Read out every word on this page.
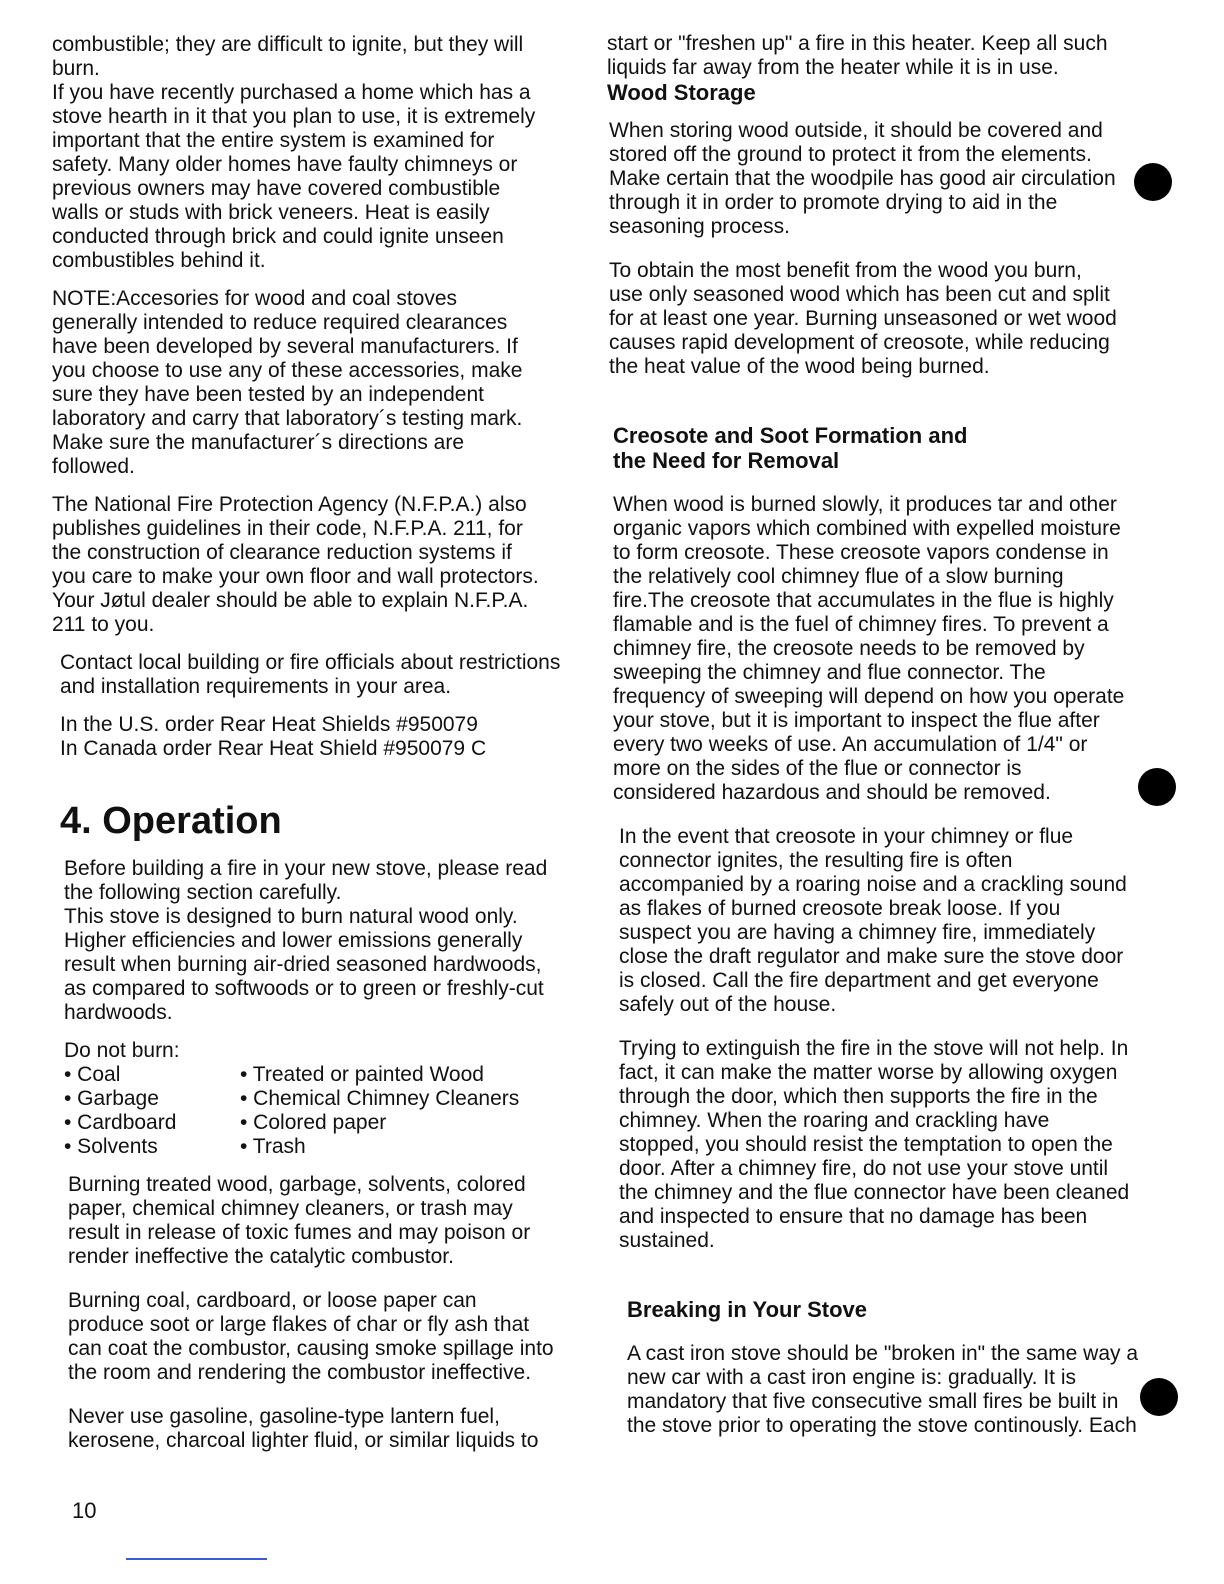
combustible; they are difficult to ignite, but they will
burn.
If you have recently purchased a home which has a
stove hearth in it that you plan to use, it is extremely
important that the entire system is examined for
safety. Many older homes have faulty chimneys or
previous owners may have covered combustible
walls or studs with brick veneers. Heat is easily
conducted through brick and could ignite unseen
combustibles behind it.
NOTE:Accesories for wood and coal stoves
generally intended to reduce required clearances
have been developed by several manufacturers. If
you choose to use any of these accessories, make
sure they have been tested by an independent
laboratory and carry that laboratory´s testing mark.
Make sure the manufacturer´s directions are
followed.
The National Fire Protection Agency (N.F.P.A.) also
publishes guidelines in their code, N.F.P.A. 211, for
the construction of clearance reduction systems if
you care to make your own floor and wall protectors.
Your Jøtul dealer should be able to explain N.F.P.A.
211 to you.
Contact local building or fire officials about restrictions
and installation requirements in your area.
In the U.S. order Rear Heat Shields #950079
In Canada order Rear Heat Shield #950079 C
4. Operation
Before building a fire in your new stove, please read
the following section carefully.
This stove is designed to burn natural wood only.
Higher efficiencies and lower emissions generally
result when burning air-dried seasoned hardwoods,
as compared to softwoods or to green or freshly-cut
hardwoods.
Do not burn:
• Coal	• Treated or painted Wood
• Garbage	• Chemical Chimney Cleaners
• Cardboard	• Colored paper
• Solvents	• Trash
Burning treated wood, garbage, solvents, colored
paper, chemical chimney cleaners, or trash may
result in release of toxic fumes and may poison or
render ineffective the catalytic combustor.
Burning coal, cardboard, or loose paper can
produce soot or large flakes of char or fly ash that
can coat the combustor, causing smoke spillage into
the room and rendering the combustor ineffective.
Never use gasoline, gasoline-type lantern fuel,
kerosene, charcoal lighter fluid, or similar liquids to
start or "freshen up" a fire in this heater. Keep all such
liquids far away from the heater while it is in use.
Wood Storage
When storing wood outside, it should be covered and
stored off the ground to protect it from the elements.
Make certain that the woodpile has good air circulation
through it in order to promote drying to aid in the
seasoning process.
To obtain the most benefit from the wood you burn,
use only seasoned wood which has been cut and split
for at least one year. Burning unseasoned or wet wood
causes rapid development of creosote, while reducing
the heat value of the wood being burned.
Creosote and Soot Formation and
the Need for Removal
When wood is burned slowly, it produces tar and other
organic vapors which combined with expelled moisture
to form creosote. These creosote vapors condense in
the relatively cool chimney flue of a slow burning
fire.The creosote that accumulates in the flue is highly
flamable and is the fuel of chimney fires. To prevent a
chimney fire, the creosote needs to be removed by
sweeping the chimney and flue connector. The
frequency of sweeping will depend on how you operate
your stove, but it is important to inspect the flue after
every two weeks of use. An accumulation of 1/4" or
more on the sides of the flue or connector is
considered hazardous and should be removed.
In the event that creosote in your chimney or flue
connector ignites, the resulting fire is often
accompanied by a roaring noise and a crackling sound
as flakes of burned creosote break loose. If you
suspect you are having a chimney fire, immediately
close the draft regulator and make sure the stove door
is closed. Call the fire department and get everyone
safely out of the house.
Trying to extinguish the fire in the stove will not help. In
fact, it can make the matter worse by allowing oxygen
through the door, which then supports the fire in the
chimney. When the roaring and crackling have
stopped, you should resist the temptation to open the
door. After a chimney fire, do not use your stove until
the chimney and the flue connector have been cleaned
and inspected to ensure that no damage has been
sustained.
Breaking in Your Stove
A cast iron stove should be "broken in" the same way a
new car with a cast iron engine is: gradually. It is
mandatory that five consecutive small fires be built in
the stove prior to operating the stove continously. Each
10
